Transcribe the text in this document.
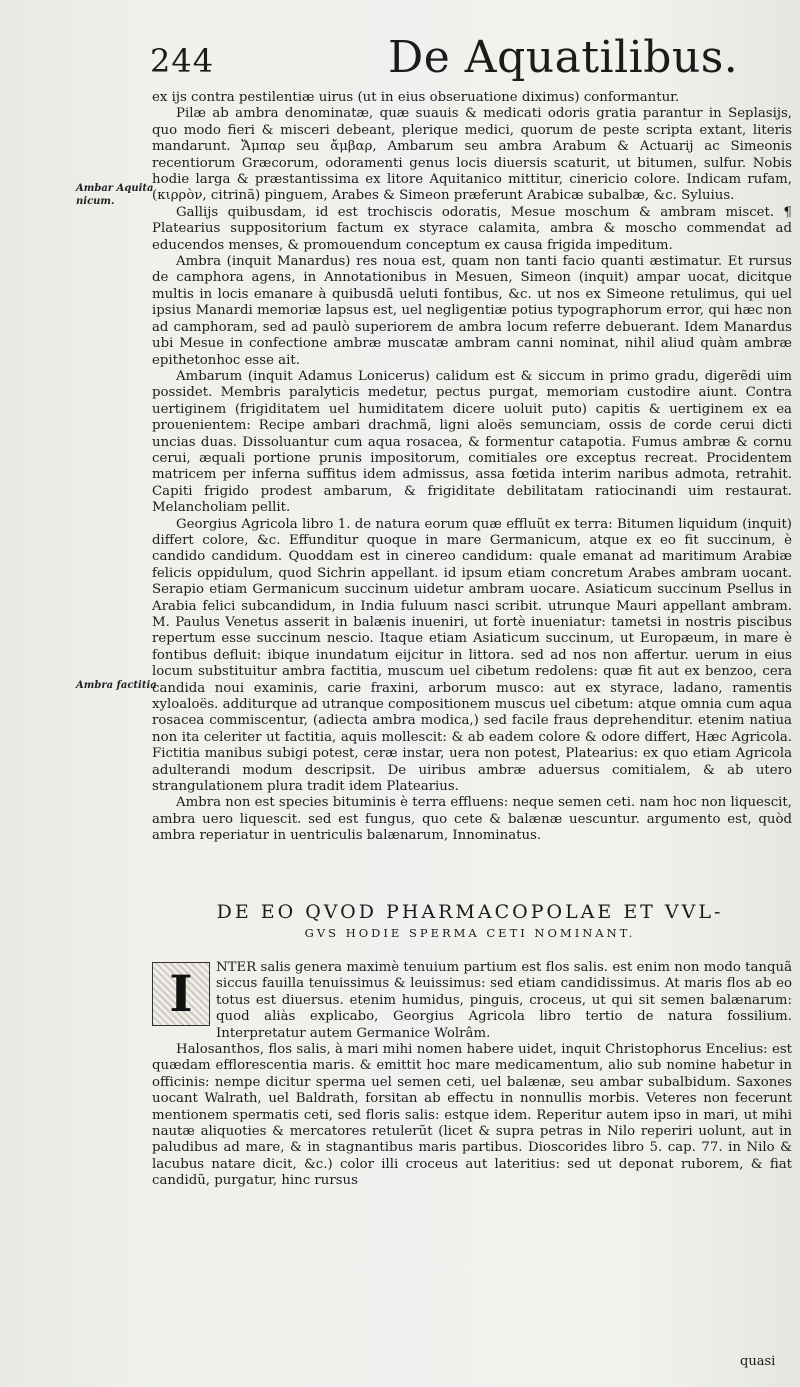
244	De Aquatilibus.
Ambar Aquita
nicum.
Ambra factitia

ex ijs contra pestilentiæ uirus (ut in eius obseruatione diximus) conformantur.

Pilæ ab ambra denominatæ, quæ suauis & medicati odoris gratia parantur in Seplasijs, quo modo fieri & misceri debeant, plerique medici, quorum de peste scripta extant, literis mandarunt. Ἄμπαρ seu ἄμβαρ, Ambarum seu ambra Arabum & Actuarij ac Simeonis recentiorum Græcorum, odoramenti genus locis diuersis scaturit, ut bitumen, sulfur. Nobis hodie larga & præstantissima ex litore Aquitanico mittitur, cinericio colore. Indicam rufam, (κιρρὸν, citrinã) pinguem, Arabes & Simeon præferunt Arabicæ subalbæ, &c. Syluius.

Gallijs quibusdam, id est trochiscis odoratis, Mesue moschum & ambram miscet. ¶ Platearius suppositorium factum ex styrace calamita, ambra & moscho commendat ad educendos menses, & promouendum conceptum ex causa frigida impeditum.

Ambra (inquit Manardus) res noua est, quam non tanti facio quanti æstimatur. Et rursus de camphora agens, in Annotationibus in Mesuen, Simeon (inquit) ampar uocat, dicitque multis in locis emanare à quibusdã ueluti fontibus, &c. ut nos ex Simeone retulimus, qui uel ipsius Manardi memoriæ lapsus est, uel negligentiæ potius typographorum error, qui hæc non ad camphoram, sed ad paulò superiorem de ambra locum referre debuerant. Idem Manardus ubi Mesue in confectione ambræ muscatæ ambram canni nominat, nihil aliud quàm ambræ epithetonhoc esse ait.

Ambarum (inquit Adamus Lonicerus) calidum est & siccum in primo gradu, digerẽdi uim possidet. Membris paralyticis medetur, pectus purgat, memoriam custodire aiunt. Contra uertiginem (frigiditatem uel humiditatem dicere uoluit puto) capitis & uertiginem ex ea prouenientem: Recipe ambari drachmã, ligni aloës semunciam, ossis de corde cerui dicti uncias duas. Dissoluantur cum aqua rosacea, & formentur catapotia. Fumus ambræ & cornu cerui, æquali portione prunis impositorum, comitiales ore exceptus recreat. Procidentem matricem per inferna suffitus idem admissus, assa fœtida interim naribus admota, retrahit. Capiti frigido prodest ambarum, & frigiditate debilitatam ratiocinandi uim restaurat. Melancholiam pellit.

Georgius Agricola libro 1. de natura eorum quæ effluũt ex terra: Bitumen liquidum (inquit) differt colore, &c. Effunditur quoque in mare Germanicum, atque ex eo fit succinum, è candido candidum. Quoddam est in cinereo candidum: quale emanat ad maritimum Arabiæ felicis oppidulum, quod Sichrin appellant. id ipsum etiam concretum Arabes ambram uocant. Serapio etiam Germanicum succinum uidetur ambram uocare. Asiaticum succinum Psellus in Arabia felici subcandidum, in India fuluum nasci scribit. utrunque Mauri appellant ambram. M. Paulus Venetus asserit in balænis inueniri, ut fortè inueniatur: tametsi in nostris piscibus repertum esse succinum nescio. Itaque etiam Asiaticum succinum, ut Europæum, in mare è fontibus defluit: ibique inundatum eijcitur in littora. sed ad nos non affertur. uerum in eius locum substituitur ambra factitia, muscum uel cibetum redolens: quæ fit aut ex benzoo, cera candida noui examinis, carie fraxini, arborum musco: aut ex styrace, ladano, ramentis xyloaloës. additurque ad utranque compositionem muscus uel cibetum: atque omnia cum aqua rosacea commiscentur, (adiecta ambra modica,) sed facile fraus deprehenditur. etenim natiua non ita celeriter ut factitia, aquis mollescit: & ab eadem colore & odore differt, Hæc Agricola. Fictitia manibus subigi potest, ceræ instar, uera non potest, Platearius: ex quo etiam Agricola adulterandi modum descripsit. De uiribus ambræ aduersus comitialem, & ab utero strangulationem plura tradit idem Platearius.

Ambra non est species bituminis è terra effluens: neque semen ceti. nam hoc non liquescit, ambra uero liquescit. sed est fungus, quo cete & balænæ uescuntur. argumento est, quòd ambra reperiatur in uentriculis balænarum, Innominatus.

DE EO QVOD PHARMACOPOLAE ET VVL-
GVS HODIE SPERMA CETI NOMINANT.
I	NTER salis genera maximè tenuium partium est flos salis. est enim non modo tanquã siccus fauilla tenuissimus & leuissimus: sed etiam candidissimus. At maris flos ab eo totus est diuersus. etenim humidus, pinguis, croceus, ut qui sit semen balænarum: quod aliàs explicabo, Georgius Agricola libro tertio de natura fossilium. Interpretatur autem Germanice Wolrâm.

Halosanthos, flos salis, à mari mihi nomen habere uidet, inquit Christophorus Encelius: est quædam efflorescentia maris. & emittit hoc mare medicamentum, alio sub nomine habetur in officinis: nempe dicitur sperma uel semen ceti, uel balænæ, seu ambar subalbidum. Saxones uocant Walrath, uel Baldrath, forsitan ab effectu in nonnullis morbis. Veteres non fecerunt mentionem spermatis ceti, sed floris salis: estque idem. Reperitur autem ipso in mari, ut mihi nautæ aliquoties & mercatores retulerũt (licet & supra petras in Nilo reperiri uolunt, aut in paludibus ad mare, & in stagnantibus maris partibus. Dioscorides libro 5. cap. 77. in Nilo & lacubus natare dicit, &c.) color illi croceus aut lateritius: sed ut deponat ruborem, & fiat candidũ, purgatur, hinc rursus

quasi
